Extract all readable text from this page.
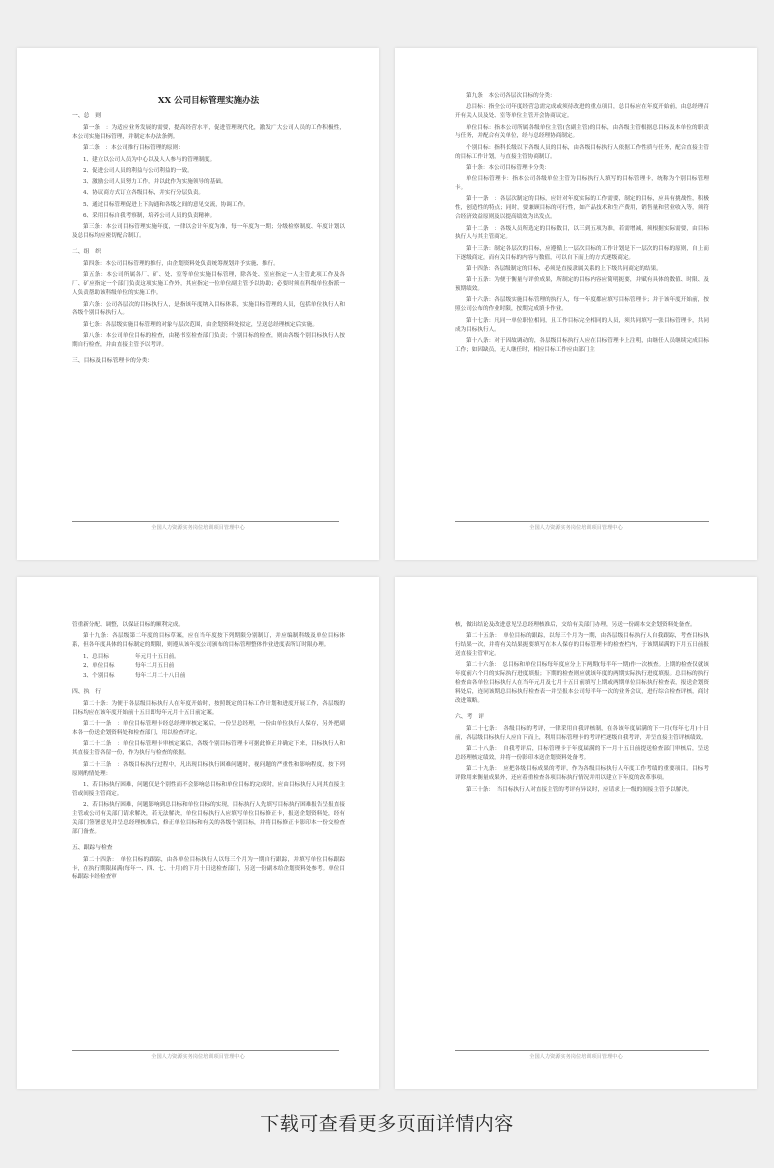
XX 公司目标管理实施办法
一、总　则

第一条　：为适应业务发展的需要，提高经营水平，促进管理现代化，激发广大公司人员的工作积极性，本公司实施目标管理，并制定本办法条例。

第二条　：本公司推行目标管理的原则：

1、建立以公司人员为中心以及人人参与的管理制度。

2、促进公司人员的利益与公司利益的一致。

3、激励公司人员努力工作，并以此作为实施领导的基础。

4、协议商方式订立各级目标，并实行分层负责。

5、通过目标管理促进上下沟通和各级之间的意见交流，协调工作。

6、采用目标自我考察制，培养公司人员的负责精神。

第三条：本公司目标管理实施年度，一律以会计年度为准，每一年度为一期；分级检察制度、年度计划以及总目标均应密切配合制订。

二、组　织

第四条：本公司目标管理的推行，由企划资料处负责统筹规划并予实施、推行。

第五条：本公司所属各厂、矿、处、室等单位实施目标管理，除各处、室应指定一人主管此项工作及各厂、矿应指定一个部门负责这项实施工作外，其应指定一位单位副主管予以协助；必要时须在科级单位指派一人负责帮助该科级单位的实施工作。

第六条：公司各层次的目标执行人，是指该年度纳入目标体系，实施目标管理的人员，包括单位执行人和各级个别目标执行人。

第七条：各层级实施目标管理的对象与层次范围，由企划资料处拟定，呈送总经理核定后实施。

第八条：本公司单位目标的检查，由秘书室检查部门负责；个别目标的检查，则由各级个别目标执行人按期自行检查，并由直接主管予以考评。

三、目标及目标管理卡的分类：
全国人力资源实务岗位培训项目管理中心

第九条　本公司各层次目标的分类：

总目标：指全公司年度经营急需完成或须待改进的重点项目，总目标应在年度开始前，由总经理召开有关人员及处、室等单位主管开会协商议定。

单位目标：指本公司所属各级单位主管(含副主管)的目标，由各级主管根据总目标及本单位的职责与任务，并配合有关单位，经与总经理协商制定。

个别目标：指科长级以下各级人员的目标，由各级目标执行人依据工作性质与任务，配合直接主管的目标工作计划，与直接主管协商制订。

第十条：本公司目标管理卡分类：

单位目标管理卡：指本公司各级单位主管为目标执行人填写的目标管理卡，统称为个别目标管理卡。

第十一条　：各层次制定的目标，应针对年度实际的工作需要，制定的目标，应具有挑战性，积极性，创造性的特点；同时，要兼顾目标的可行性，如产品技术和生产费用，销售量和营业收入等，须符合经济效益原则及以提高绩效为出发点。

第十二条　：各级人员所选定的目标数目，以三到五项为准，若需增减，须根据实际需要，由目标执行人与其主管商定。

第十三条：制定各层次的目标，应遵循上一层次目标的工作计划是下一层次的目标的原则，自上而下逐级商定，而有关目标的内容与数值，可以自下而上的方式逐级商定。

第十四条：各层级制定的目标，必须是直接隶属关系的上下级共同商定的结果。

第十五条：为便于衡量与评价成果，所制定的目标内容应简明扼要，并赋有具体的数值、时限、及预期绩效。

第十六条：各层级实施目标管理的执行人，每一年度都应填写目标管理卡；并于该年度开始前，按照公司公布的作业时限，按期完成填卡作业。

第十七条：凡同一单位职位相同，且工作目标完全相同的人员，须共同填写一张目标管理卡，共同成为目标执行人。

第十八条：对于因故调动的，各层级目标执行人应在目标管理卡上注明，由继任人员继续完成目标工作；如因缺员，无人继任时，相应目标工作应由部门主

全国人力资源实务岗位培训项目管理中心

管重新分配、调整，以保证目标的顺利完成。

第十九条：各层级第二年度的目标草案，应在当年度按下列期限分别制订，并应编制科级及单位目标体系，但各年度具体的目标制定的期限，则遵从该年度公司颁布的目标管理整体作业进度表所订时限办理。

1、总目标	年元月十五日前。
2、单位目标	每年二月五日前
3、个别目标	每年二月二十八日前
四、执　行

第二十条：为便于各层级目标执行人在年度开始时，按照既定的目标工作计划和进度开展工作，各层级的目标均应在该年度开始前十五日即每年元月十五日前定案。

第二十一条　：单位目标管理卡经总经理审核定案后，一份呈总经理，一份由单位执行人保存，另外把副本各一份送企划资料处和检查部门，用以检查评定。

第二十二条　：单位目标管理卡审核定案后，各级个别目标管理卡可据此修正并确定下来，目标执行人和其直接主管各留一份，作为执行与检查的依据。

第二十三条　：各级目标执行过程中，凡出现目标执行困难问题时，视问题的严重性和影响程度，按下列原则酌情处理：

1、若目标执行困难，问题仅是个别性而不会影响总目标和单位目标的完成时，应由目标执行人同其直接主管或间接主管商定。

2、若目标执行困难，问题影响到总目标和单位目标的实现，目标执行人先填写目标执行困难报告呈报直接主管或公司有关部门请求解决，若无法解决，单位目标执行人应填写单位目标修正卡，报送企划资料处，经有关部门签署意见并呈总经理核准后，修正单位目标和有关的各级个别目标，并将目标修正卡影印本一份交检查部门备查。

五、跟踪与检查

第二十四条：　单位目标的跟踪，由各单位目标执行人以每三个月为一期自行跟踪，并填写单位目标跟踪卡，在执行期限届满(每年一、四、七、十月)的下月十日送检查部门，另送一份副本给企划资料处参考。单位目标跟踪卡经检查审

全国人力资源实务岗位培训项目管理中心

核，做出结论及改进意见呈总经理核准后，交给有关部门办理，另送一份副本交企划资料处备查。

第二十五条：　单位目标的跟踪，以每三个月为一期，由各层级目标执行人自我跟踪，考查目标执行结果一次，并将有关结果扼要填写在本人保存的目标管理卡的检查栏内，于该期届满的下月五日前报送直接主管审定。

第二十六条：　总目标和单位目标每年度应分上下两期(每半年一期)作一次核查。上期的检查仅就该年度前六个月的实际执行进度填报；下期的检查则应就该年度的两期实际执行进度填报。总目标的执行检查由各单位目标执行人在当年元月及七月十五日前填写上期或两期单位目标执行检查表，报送企划资料处后，连同该期总目标执行检查表一并呈报本公司每半年一次的业务会议，进行综合检查评核，商讨改进策略。

六、考　评

第二十七条：　各级目标的考评，一律采用自我评核制，在各该年度届满的下一月(每年七月)十日前，各层级目标执行人应自下而上，利用目标管理卡的考评栏逐级自我考评，并呈直接主管评核绩效。

第二十八条：　自我考评后，目标管理卡于年度届满的下一月十五日前提送检查部门审核后，呈送总经理核定绩效，并将一份影印本送企划资料处备考。

第二十九条：　应把各级目标成果的考评，作为各级目标执行人年度工作考绩的重要项目。目标考评除用来衡量成果外，还应着重检查各项目标执行情况并用以建立下年度的改革事项。

第三十条：　当目标执行人对直接主管的考评有异议时，应请求上一级的间接主管予以解决。

全国人力资源实务岗位培训项目管理中心
下载可查看更多页面详情内容
